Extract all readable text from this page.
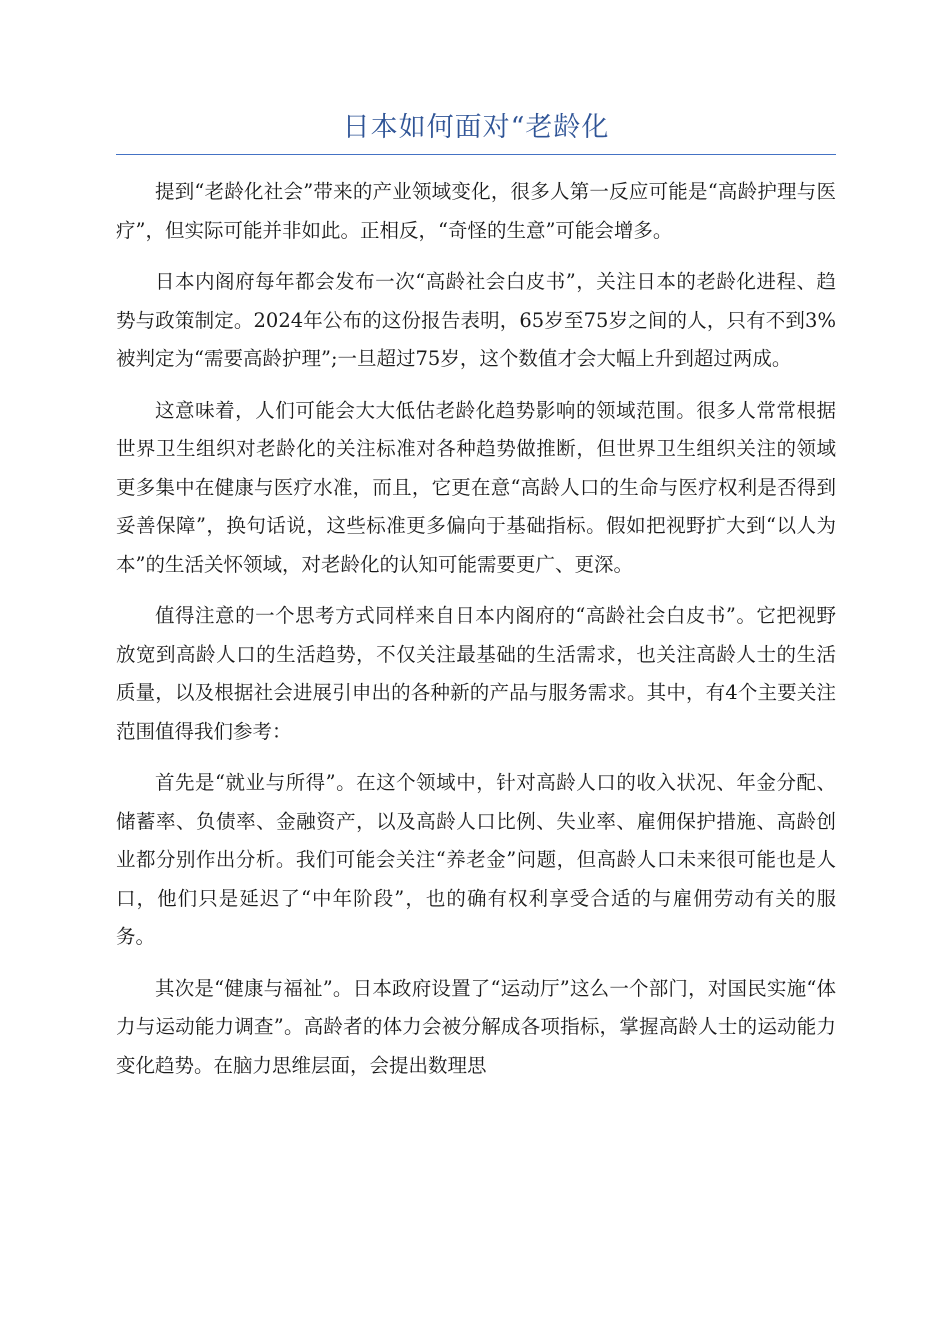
日本如何面对“老龄化

提到“老龄化社会”带来的产业领域变化，很多人第一反应可能是“高龄护理与医疗”，但实际可能并非如此。正相反，“奇怪的生意”可能会增多。

日本内阁府每年都会发布一次“高龄社会白皮书”，关注日本的老龄化进程、趋势与政策制定。2024年公布的这份报告表明，65岁至75岁之间的人，只有不到3%被判定为“需要高龄护理”;一旦超过75岁，这个数值才会大幅上升到超过两成。

这意味着，人们可能会大大低估老龄化趋势影响的领域范围。很多人常常根据世界卫生组织对老龄化的关注标准对各种趋势做推断，但世界卫生组织关注的领域更多集中在健康与医疗水准，而且，它更在意“高龄人口的生命与医疗权利是否得到妥善保障”，换句话说，这些标准更多偏向于基础指标。假如把视野扩大到“以人为本”的生活关怀领域，对老龄化的认知可能需要更广、更深。

值得注意的一个思考方式同样来自日本内阁府的“高龄社会白皮书”。它把视野放宽到高龄人口的生活趋势，不仅关注最基础的生活需求，也关注高龄人士的生活质量，以及根据社会进展引申出的各种新的产品与服务需求。其中，有4个主要关注范围值得我们参考：

首先是“就业与所得”。在这个领域中，针对高龄人口的收入状况、年金分配、储蓄率、负债率、金融资产，以及高龄人口比例、失业率、雇佣保护措施、高龄创业都分别作出分析。我们可能会关注“养老金”问题，但高龄人口未来很可能也是人口，他们只是延迟了“中年阶段”，也的确有权利享受合适的与雇佣劳动有关的服务。

其次是“健康与福祉”。日本政府设置了“运动厅”这么一个部门，对国民实施“体力与运动能力调查”。高龄者的体力会被分解成各项指标，掌握高龄人士的运动能力变化趋势。在脑力思维层面，会提出数理思
